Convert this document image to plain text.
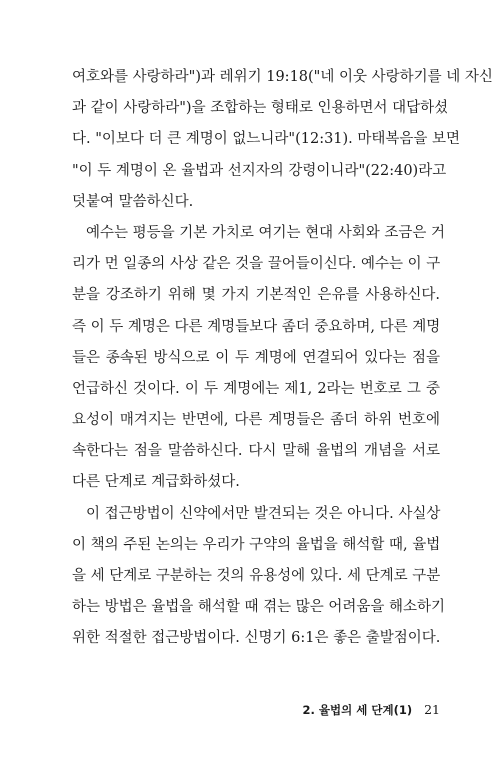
여호와를 사랑하라")과 레위기 19:18("네 이웃 사랑하기를 네 자신
과 같이 사랑하라")을 조합하는 형태로 인용하면서 대답하셨
다. "이보다 더 큰 계명이 없느니라"(12:31). 마태복음을 보면
"이 두 계명이 온 율법과 선지자의 강령이니라"(22:40)라고
덧붙여 말씀하신다.
예수는 평등을 기본 가치로 여기는 현대 사회와 조금은 거
리가 먼 일종의 사상 같은 것을 끌어들이신다. 예수는 이 구
분을 강조하기 위해 몇 가지 기본적인 은유를 사용하신다.
즉 이 두 계명은 다른 계명들보다 좀더 중요하며, 다른 계명
들은 종속된 방식으로 이 두 계명에 연결되어 있다는 점을
언급하신 것이다. 이 두 계명에는 제1, 2라는 번호로 그 중
요성이 매겨지는 반면에, 다른 계명들은 좀더 하위 번호에
속한다는 점을 말씀하신다. 다시 말해 율법의 개념을 서로
다른 단계로 계급화하셨다.
이 접근방법이 신약에서만 발견되는 것은 아니다. 사실상
이 책의 주된 논의는 우리가 구약의 율법을 해석할 때, 율법
을 세 단계로 구분하는 것의 유용성에 있다. 세 단계로 구분
하는 방법은 율법을 해석할 때 겪는 많은 어려움을 해소하기
위한 적절한 접근방법이다. 신명기 6:1은 좋은 출발점이다.
2. 율법의 세 단계(1) 21
